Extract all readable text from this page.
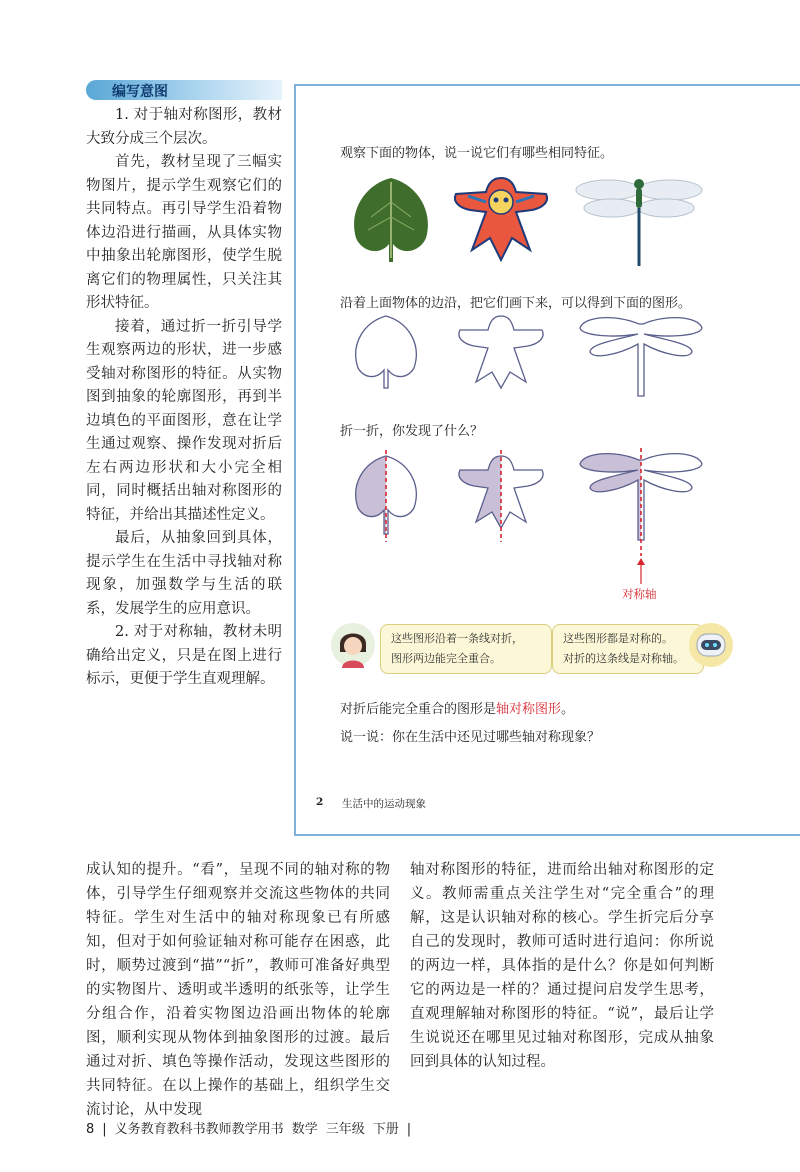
编写意图

1. 对于轴对称图形，教材大致分成三个层次。

首先，教材呈现了三幅实物图片，提示学生观察它们的共同特点。再引导学生沿着物体边沿进行描画，从具体实物中抽象出轮廓图形，使学生脱离它们的物理属性，只关注其形状特征。

接着，通过折一折引导学生观察两边的形状，进一步感受轴对称图形的特征。从实物图到抽象的轮廓图形，再到半边填色的平面图形，意在让学生通过观察、操作发现对折后左右两边形状和大小完全相同，同时概括出轴对称图形的特征，并给出其描述性定义。

最后，从抽象回到具体，提示学生在生活中寻找轴对称现象，加强数学与生活的联系，发展学生的应用意识。

2. 对于对称轴，教材未明确给出定义，只是在图上进行标示，更便于学生直观理解。

观察下面的物体，说一说它们有哪些相同特征。
沿着上面物体的边沿，把它们画下来，可以得到下面的图形。
折一折，你发现了什么？
对称轴
这些图形沿着一条线对折，
图形两边能完全重合。
这些图形都是对称的。
对折的这条线是对称轴。
对折后能完全重合的图形是轴对称图形。
说一说：你在生活中还见过哪些轴对称现象？
2 生活中的运动现象
成认知的提升。“看”，呈现不同的轴对称的物体，引导学生仔细观察并交流这些物体的共同特征。学生对生活中的轴对称现象已有所感知，但对于如何验证轴对称可能存在困惑，此时，顺势过渡到“描”“折”，教师可准备好典型的实物图片、透明或半透明的纸张等，让学生分组合作，沿着实物图边沿画出物体的轮廓图，顺利实现从物体到抽象图形的过渡。最后通过对折、填色等操作活动，发现这些图形的共同特征。在以上操作的基础上，组织学生交流讨论，从中发现
轴对称图形的特征，进而给出轴对称图形的定义。教师需重点关注学生对“完全重合”的理解，这是认识轴对称的核心。学生折完后分享自己的发现时，教师可适时进行追问：你所说的两边一样，具体指的是什么？你是如何判断它的两边是一样的？通过提问启发学生思考，直观理解轴对称图形的特征。“说”，最后让学生说说还在哪里见过轴对称图形，完成从抽象回到具体的认知过程。
8 | 义务教育教科书教师教学用书 数学 三年级 下册 |
